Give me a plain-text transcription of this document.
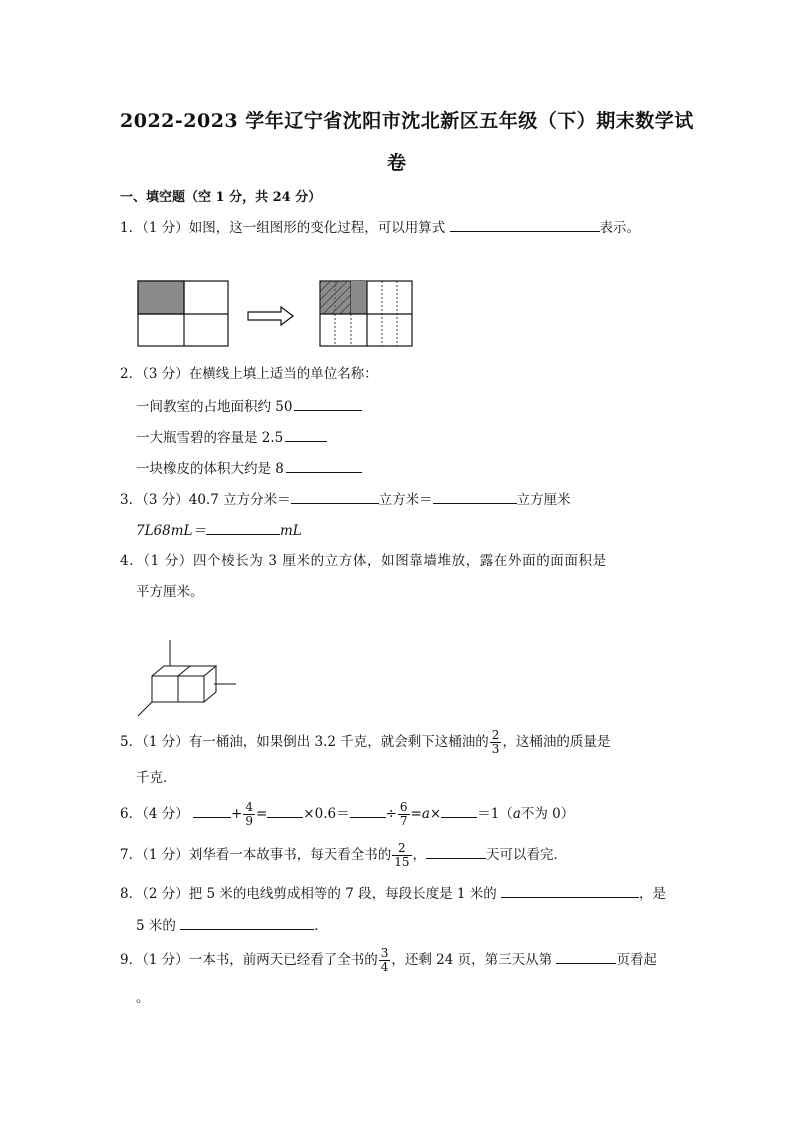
2022-2023 学年辽宁省沈阳市沈北新区五年级（下）期末数学试
卷
一、填空题（空 1 分，共 24 分）
1．（1 分）如图，这一组图形的变化过程，可以用算式	表示。
2．（3 分）在横线上填上适当的单位名称：
一间教室的占地面积约 50
一大瓶雪碧的容量是 2.5
一块橡皮的体积大约是 8
3．（3 分）40.7 立方分米＝	立方米＝	立方厘米
7L68mL＝	mL
4．（1 分）四个棱长为 3 厘米的立方体，如图靠墙堆放，露在外面的面面积是
平方厘米。
5．（1 分）有一桶油，如果倒出 3.2 千克，就会剩下这桶油的 $\frac{2}{3}$ ，这桶油的质量是
千克．
6．（4 分）	+ $\frac{4}{9}$ =	×0.6＝	÷ $\frac{6}{7} =a\times$	＝1（a不为 0）
7．（1 分）刘华看一本故事书，每天看全书的 $\frac{2}{15}$ ，	天可以看完．
8．（2 分）把 5 米的电线剪成相等的 7 段，每段长度是 1 米的	，是
5 米的	．
9．（1 分）一本书，前两天已经看了全书的 $\frac{3}{4}$ ，还剩 24 页，第三天从第	页看起
。
